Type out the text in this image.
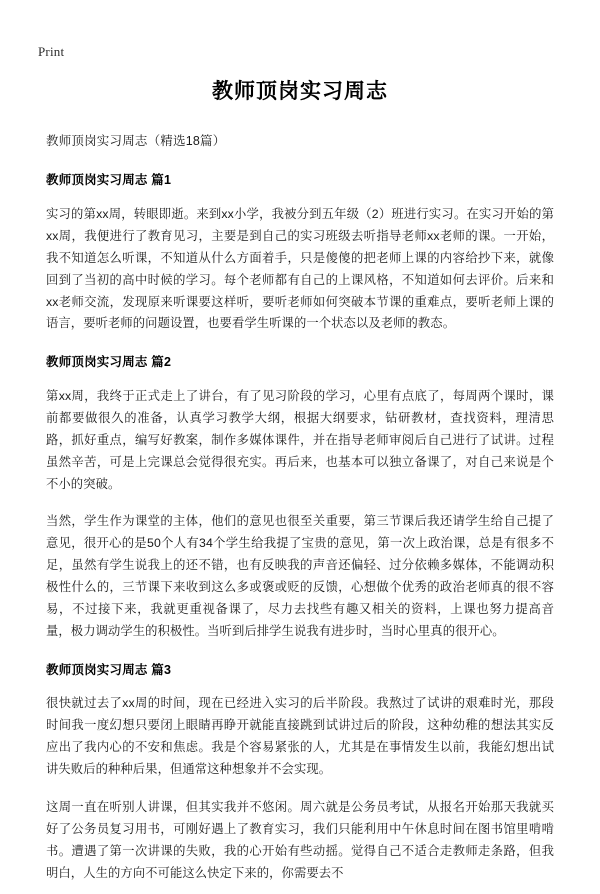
Print
教师顶岗实习周志

教师顶岗实习周志（精选18篇）

教师顶岗实习周志 篇1

实习的第xx周，转眼即逝。来到xx小学，我被分到五年级（2）班进行实习。在实习开始的第xx周，我便进行了教育见习，主要是到自己的实习班级去听指导老师xx老师的课。一开始，我不知道怎么听课，不知道从什么方面着手，只是傻傻的把老师上课的内容给抄下来，就像回到了当初的高中时候的学习。每个老师都有自己的上课风格，不知道如何去评价。后来和xx老师交流，发现原来听课要这样听，要听老师如何突破本节课的重难点，要听老师上课的语言，要听老师的问题设置，也要看学生听课的一个状态以及老师的教态。

教师顶岗实习周志 篇2

第xx周，我终于正式走上了讲台，有了见习阶段的学习，心里有点底了，每周两个课时，课前都要做很久的准备，认真学习教学大纲，根据大纲要求，钻研教材，查找资料，理清思路，抓好重点，编写好教案，制作多媒体课件，并在指导老师审阅后自己进行了试讲。过程虽然辛苦，可是上完课总会觉得很充实。再后来，也基本可以独立备课了，对自己来说是个不小的突破。

当然，学生作为课堂的主体，他们的意见也很至关重要，第三节课后我还请学生给自己提了意见，很开心的是50个人有34个学生给我提了宝贵的意见，第一次上政治课，总是有很多不足，虽然有学生说我上的还不错，也有反映我的声音还偏轻、过分依赖多媒体，不能调动积极性什么的，三节课下来收到这么多或褒或贬的反馈，心想做个优秀的政治老师真的很不容易，不过接下来，我就更重视备课了，尽力去找些有趣又相关的资料，上课也努力提高音量，极力调动学生的积极性。当听到后排学生说我有进步时，当时心里真的很开心。

教师顶岗实习周志 篇3

很快就过去了xx周的时间，现在已经进入实习的后半阶段。我熬过了试讲的艰难时光，那段时间我一度幻想只要闭上眼睛再睁开就能直接跳到试讲过后的阶段，这种幼稚的想法其实反应出了我内心的不安和焦虑。我是个容易紧张的人，尤其是在事情发生以前，我能幻想出试讲失败后的种种后果，但通常这种想象并不会实现。

这周一直在听别人讲课，但其实我并不悠闲。周六就是公务员考试，从报名开始那天我就买好了公务员复习用书，可刚好遇上了教育实习，我们只能利用中午休息时间在图书馆里啃啃书。遭遇了第一次讲课的失败，我的心开始有些动摇。觉得自己不适合走教师走条路，但我明白，人生的方向不可能这么快定下来的，你需要去不
